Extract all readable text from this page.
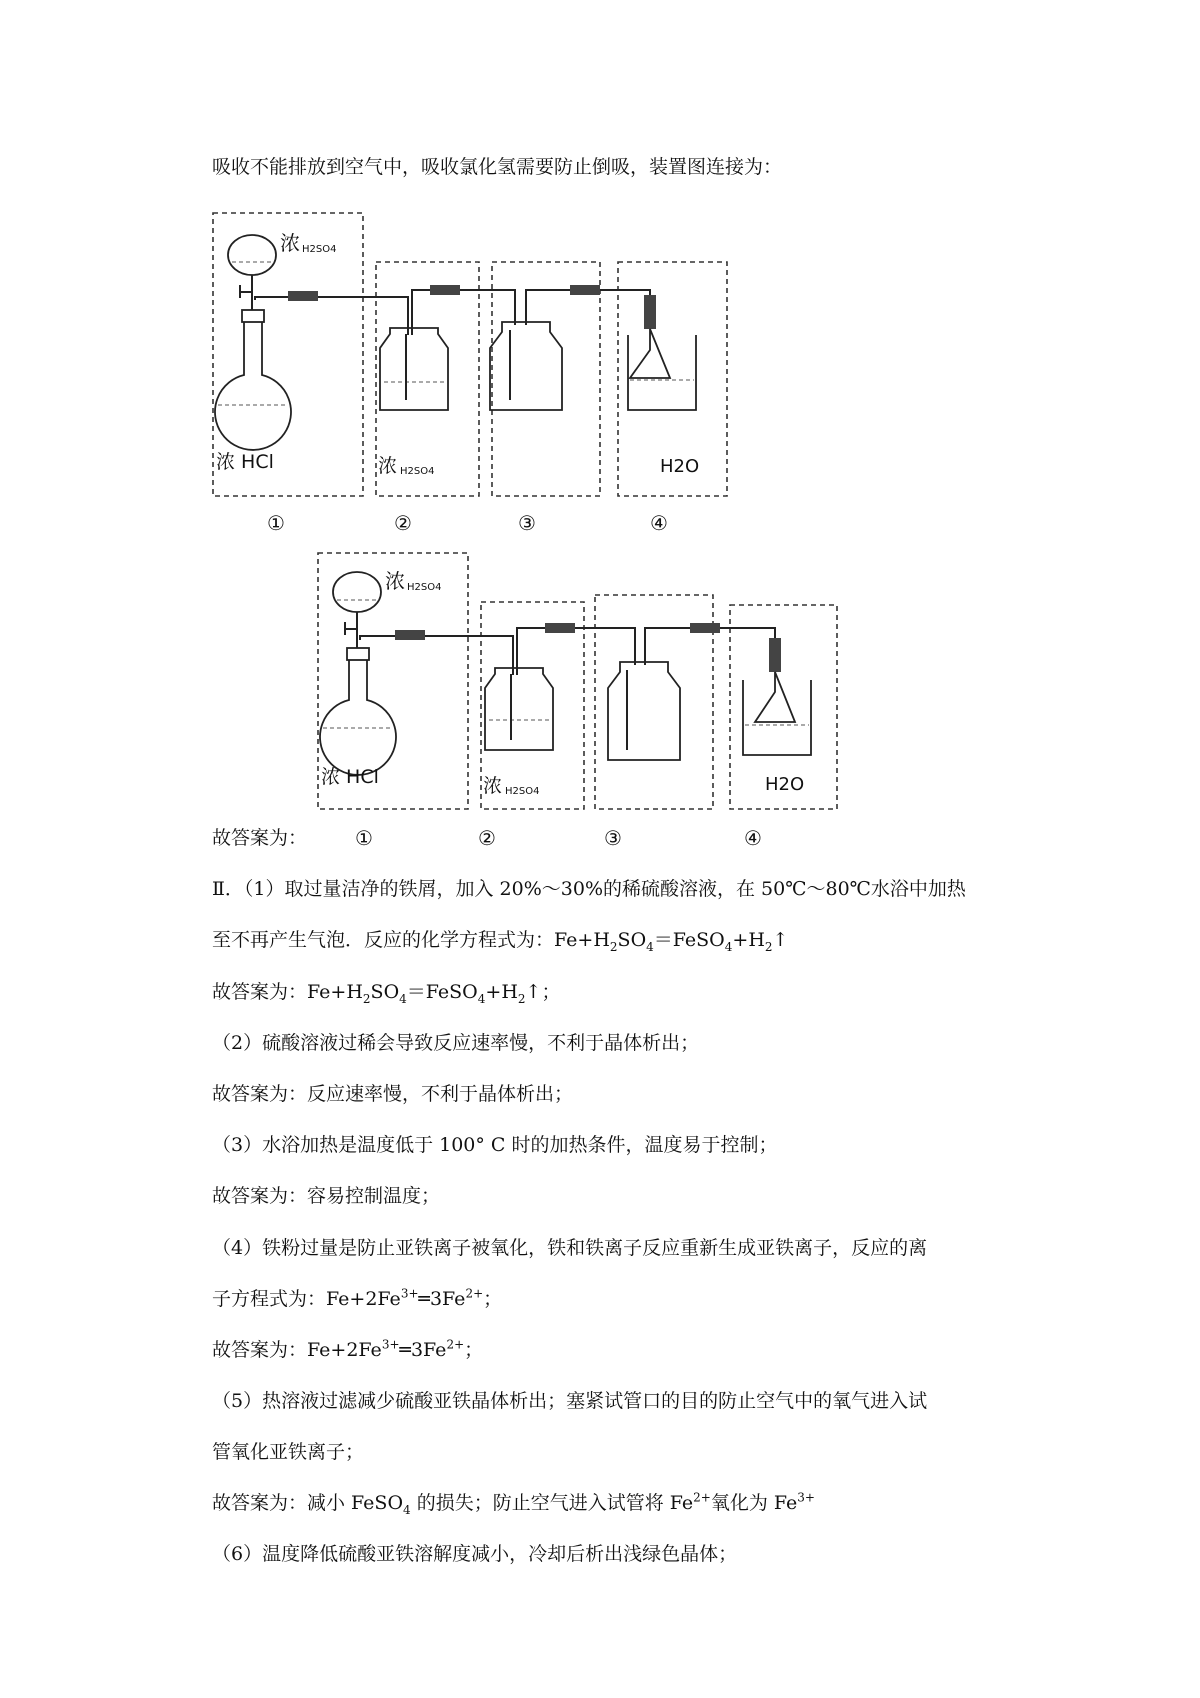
吸收不能排放到空气中，吸收氯化氢需要防止倒吸，装置图连接为：
浓 H2SO4
浓 HCl	浓 H2SO4	H2O
①	②	③	④
浓 H2SO4
浓 HCl	浓 H2SO4	H2O
故答案为： ①	②	③	④
Ⅱ．（1）取过量洁净的铁屑，加入 20%～30%的稀硫酸溶液，在 50℃～80℃水浴中加热
至不再产生气泡．反应的化学方程式为：$Fe+H_2SO_4=FeSO_4+H_2↑$
故答案为：$Fe+H_2SO_4=FeSO_4+H_2↑$；
（2）硫酸溶液过稀会导致反应速率慢，不利于晶体析出；
故答案为：反应速率慢，不利于晶体析出；
（3）水浴加热是温度低于 100° C 时的加热条件，温度易于控制；
故答案为：容易控制温度；
（4）铁粉过量是防止亚铁离子被氧化，铁和铁离子反应重新生成亚铁离子，反应的离
子方程式为：$Fe+2Fe^{3+}═3Fe^{2+}$；
故答案为：$Fe+2Fe^{3+}═3Fe^{2+}$；
（5）热溶液过滤减少硫酸亚铁晶体析出；塞紧试管口的目的防止空气中的氧气进入试
管氧化亚铁离子；
故答案为：减小 FeSO$_4$ 的损失；防止空气进入试管将 $Fe^{2+}$氧化为 $Fe^{3+}$
（6）温度降低硫酸亚铁溶解度减小，冷却后析出浅绿色晶体；
